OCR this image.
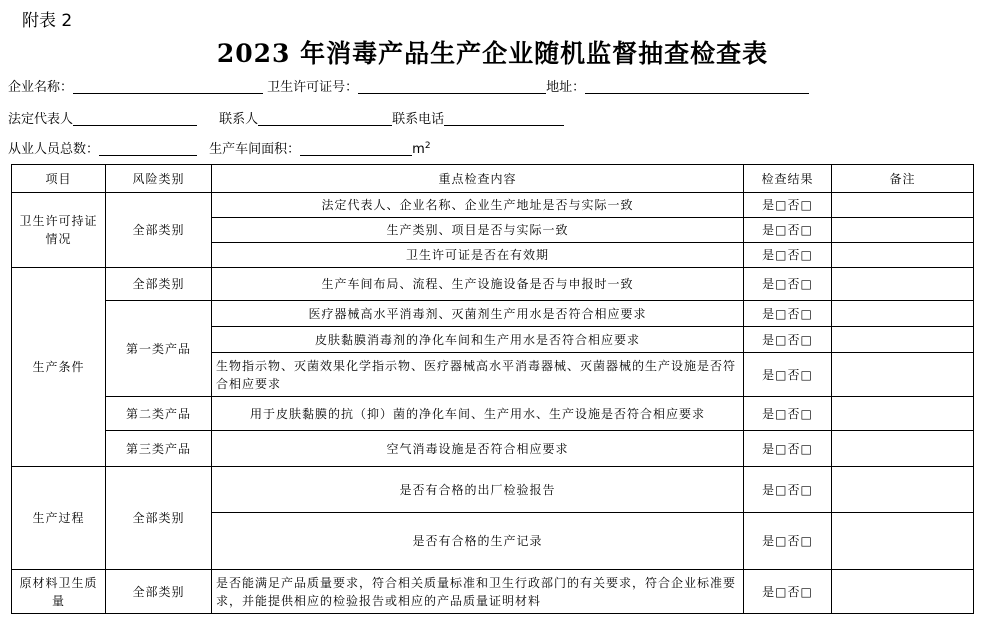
附表 2
2023 年消毒产品生产企业随机监督抽查检查表
企业名称：	卫生许可证号：	地址：
法定代表人	联系人	联系电话
从业人员总数：	生产车间面积：	$m^2$
项目	风险类别	重点检查内容	检查结果	备注
卫生许可持证情况	全部类别	法定代表人、企业名称、企业生产地址是否与实际一致	是□否□	
		生产类别、项目是否与实际一致	是□否□	
		卫生许可证是否在有效期	是□否□	
生产条件	全部类别	生产车间布局、流程、生产设施设备是否与申报时一致	是□否□	
	第一类产品	医疗器械高水平消毒剂、灭菌剂生产用水是否符合相应要求	是□否□	
		皮肤黏膜消毒剂的净化车间和生产用水是否符合相应要求	是□否□	
		生物指示物、灭菌效果化学指示物、医疗器械高水平消毒器械、灭菌器械的生产设施是否符合相应要求	是□否□	
	第二类产品	用于皮肤黏膜的抗（抑）菌的净化车间、生产用水、生产设施是否符合相应要求	是□否□	
	第三类产品	空气消毒设施是否符合相应要求	是□否□	
生产过程	全部类别	是否有合格的出厂检验报告	是□否□	
		是否有合格的生产记录	是□否□	
原材料卫生质量	全部类别	是否能满足产品质量要求，符合相关质量标准和卫生行政部门的有关要求，符合企业标准要求，并能提供相应的检验报告或相应的产品质量证明材料	是□否□	
